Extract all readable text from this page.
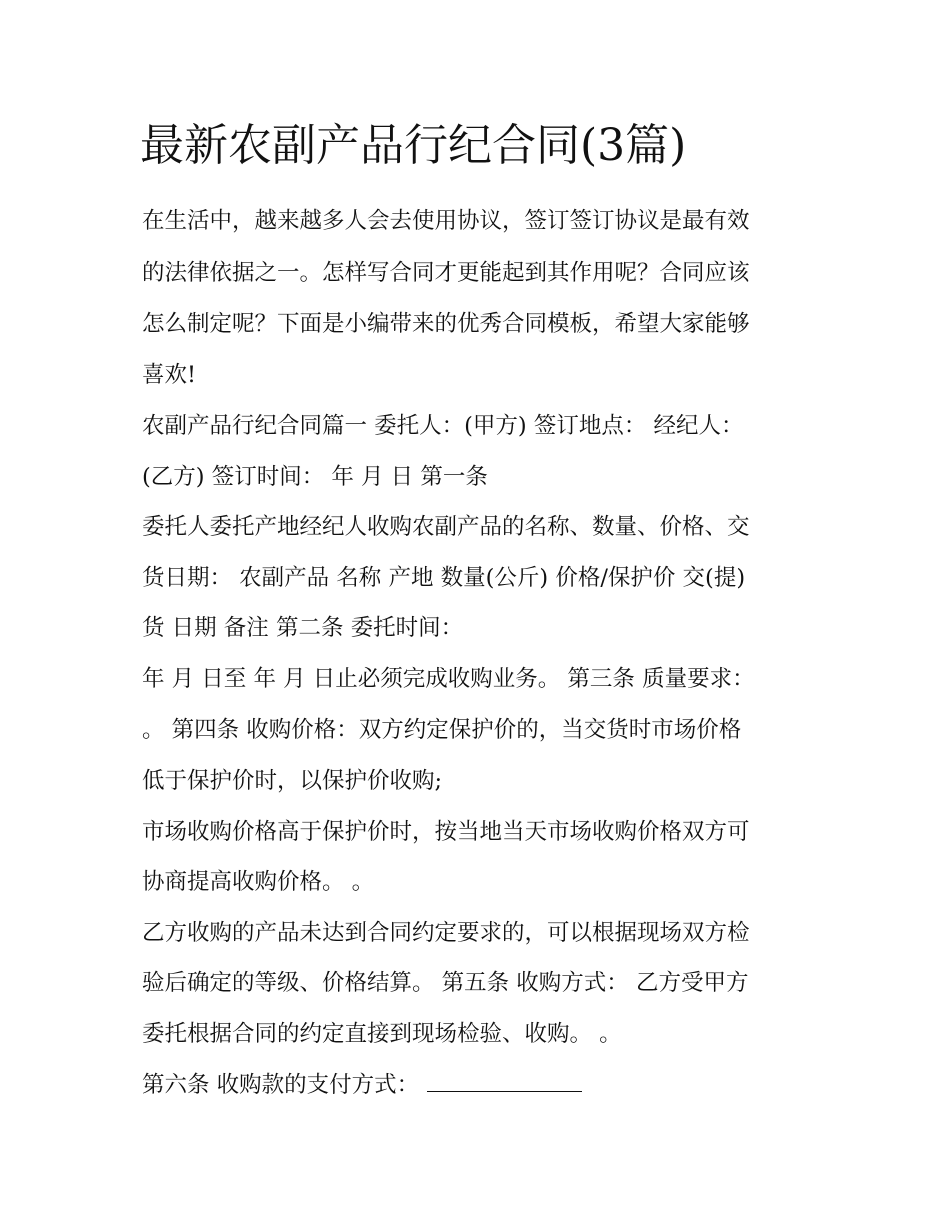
最新农副产品行纪合同(3篇)

在生活中，越来越多人会去使用协议，签订签订协议是最有效

的法律依据之一。怎样写合同才更能起到其作用呢？合同应该

怎么制定呢？下面是小编带来的优秀合同模板，希望大家能够

喜欢!

农副产品行纪合同篇一 委托人：(甲方) 签订地点： 经纪人：

(乙方) 签订时间： 年 月 日 第一条

委托人委托产地经纪人收购农副产品的名称、数量、价格、交

货日期： 农副产品 名称 产地 数量(公斤) 价格/保护价 交(提)

货 日期 备注 第二条 委托时间：

年 月 日至 年 月 日止必须完成收购业务。 第三条 质量要求：

。 第四条 收购价格：双方约定保护价的，当交货时市场价格

低于保护价时，以保护价收购;

市场收购价格高于保护价时，按当地当天市场收购价格双方可

协商提高收购价格。 。

乙方收购的产品未达到合同约定要求的，可以根据现场双方检

验后确定的等级、价格结算。 第五条 收购方式： 乙方受甲方

委托根据合同的约定直接到现场检验、收购。 。

第六条 收购款的支付方式：
